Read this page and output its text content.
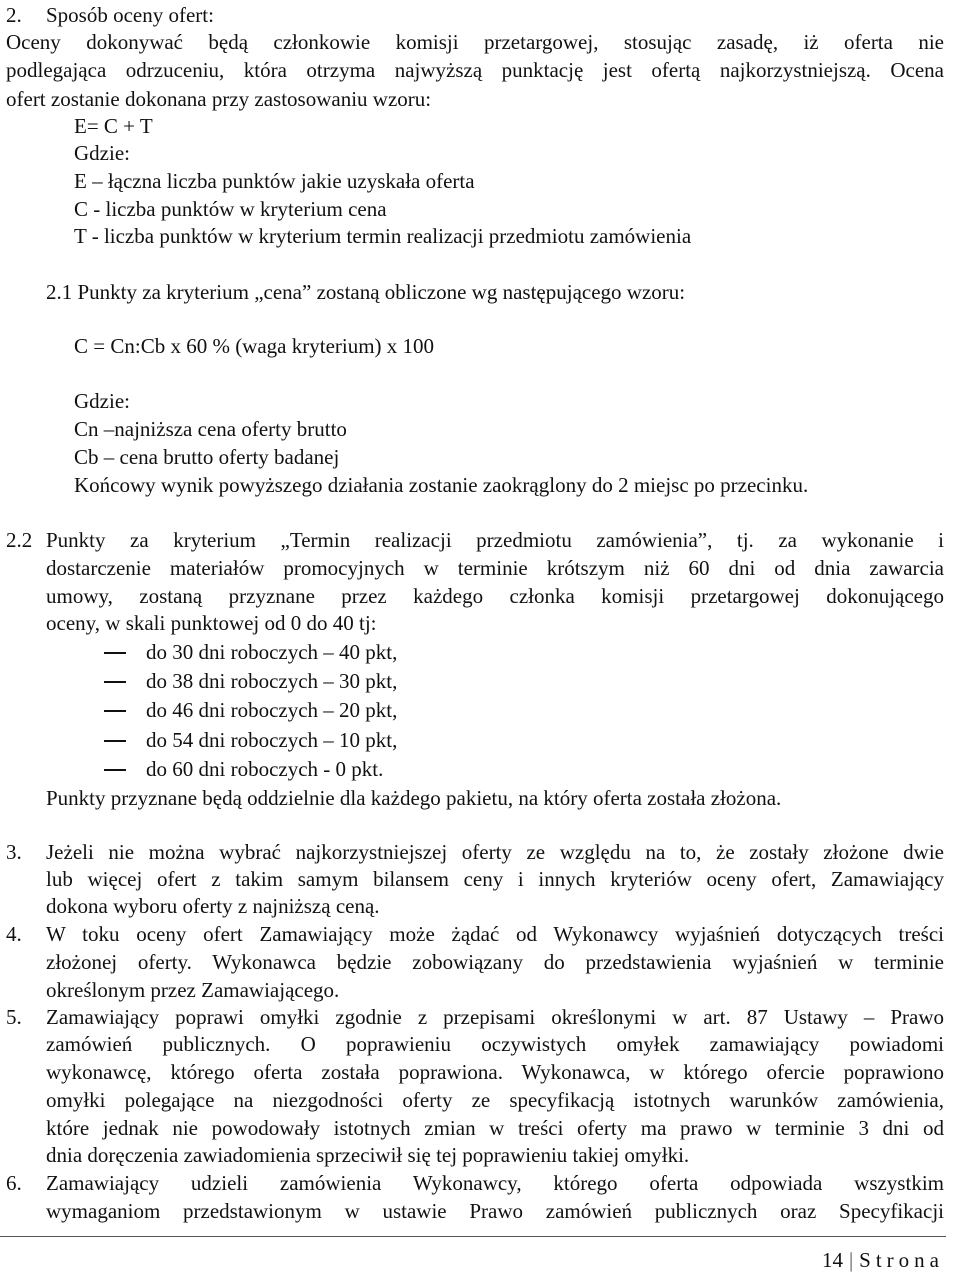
2. Sposób oceny ofert:
Oceny dokonywać będą członkowie komisji przetargowej, stosując zasadę, iż oferta nie
podlegająca odrzuceniu, która otrzyma najwyższą punktację jest ofertą najkorzystniejszą. Ocena
ofert zostanie dokonana przy zastosowaniu wzoru:
E= C + T
Gdzie:
E – łączna liczba punktów jakie uzyskała oferta
C - liczba punktów w kryterium cena
T - liczba punktów w kryterium termin realizacji przedmiotu zamówienia
2.1 Punkty za kryterium „cena” zostaną obliczone wg następującego wzoru:
C = Cn:Cb x 60 % (waga kryterium) x 100
Gdzie:
Cn –najniższa cena oferty brutto
Cb – cena brutto oferty badanej
Końcowy wynik powyższego działania zostanie zaokrąglony do 2 miejsc po przecinku.
2.2 Punkty za kryterium „Termin realizacji przedmiotu zamówienia”, tj. za wykonanie i
dostarczenie materiałów promocyjnych w terminie krótszym niż 60 dni od dnia zawarcia
umowy, zostaną przyznane przez każdego członka komisji przetargowej dokonującego
oceny, w skali punktowej od 0 do 40 tj:
do 30 dni roboczych – 40 pkt,
do 38 dni roboczych – 30 pkt,
do 46 dni roboczych – 20 pkt,
do 54 dni roboczych – 10 pkt,
do 60 dni roboczych - 0 pkt.
Punkty przyznane będą oddzielnie dla każdego pakietu, na który oferta została złożona.
3. Jeżeli nie można wybrać najkorzystniejszej oferty ze względu na to, że zostały złożone dwie
lub więcej ofert z takim samym bilansem ceny i innych kryteriów oceny ofert, Zamawiający
dokona wyboru oferty z najniższą ceną.
4. W toku oceny ofert Zamawiający może żądać od Wykonawcy wyjaśnień dotyczących treści
złożonej oferty. Wykonawca będzie zobowiązany do przedstawienia wyjaśnień w terminie
określonym przez Zamawiającego.
5. Zamawiający poprawi omyłki zgodnie z przepisami określonymi w art. 87 Ustawy – Prawo
zamówień publicznych. O poprawieniu oczywistych omyłek zamawiający powiadomi
wykonawcę, którego oferta została poprawiona. Wykonawca, w którego ofercie poprawiono
omyłki polegające na niezgodności oferty ze specyfikacją istotnych warunków zamówienia,
które jednak nie powodowały istotnych zmian w treści oferty ma prawo w terminie 3 dni od
dnia doręczenia zawiadomienia sprzeciwił się tej poprawieniu takiej omyłki.
6. Zamawiający udzieli zamówienia Wykonawcy, którego oferta odpowiada wszystkim
wymaganiom przedstawionym w ustawie Prawo zamówień publicznych oraz Specyfikacji
14 | Strona
